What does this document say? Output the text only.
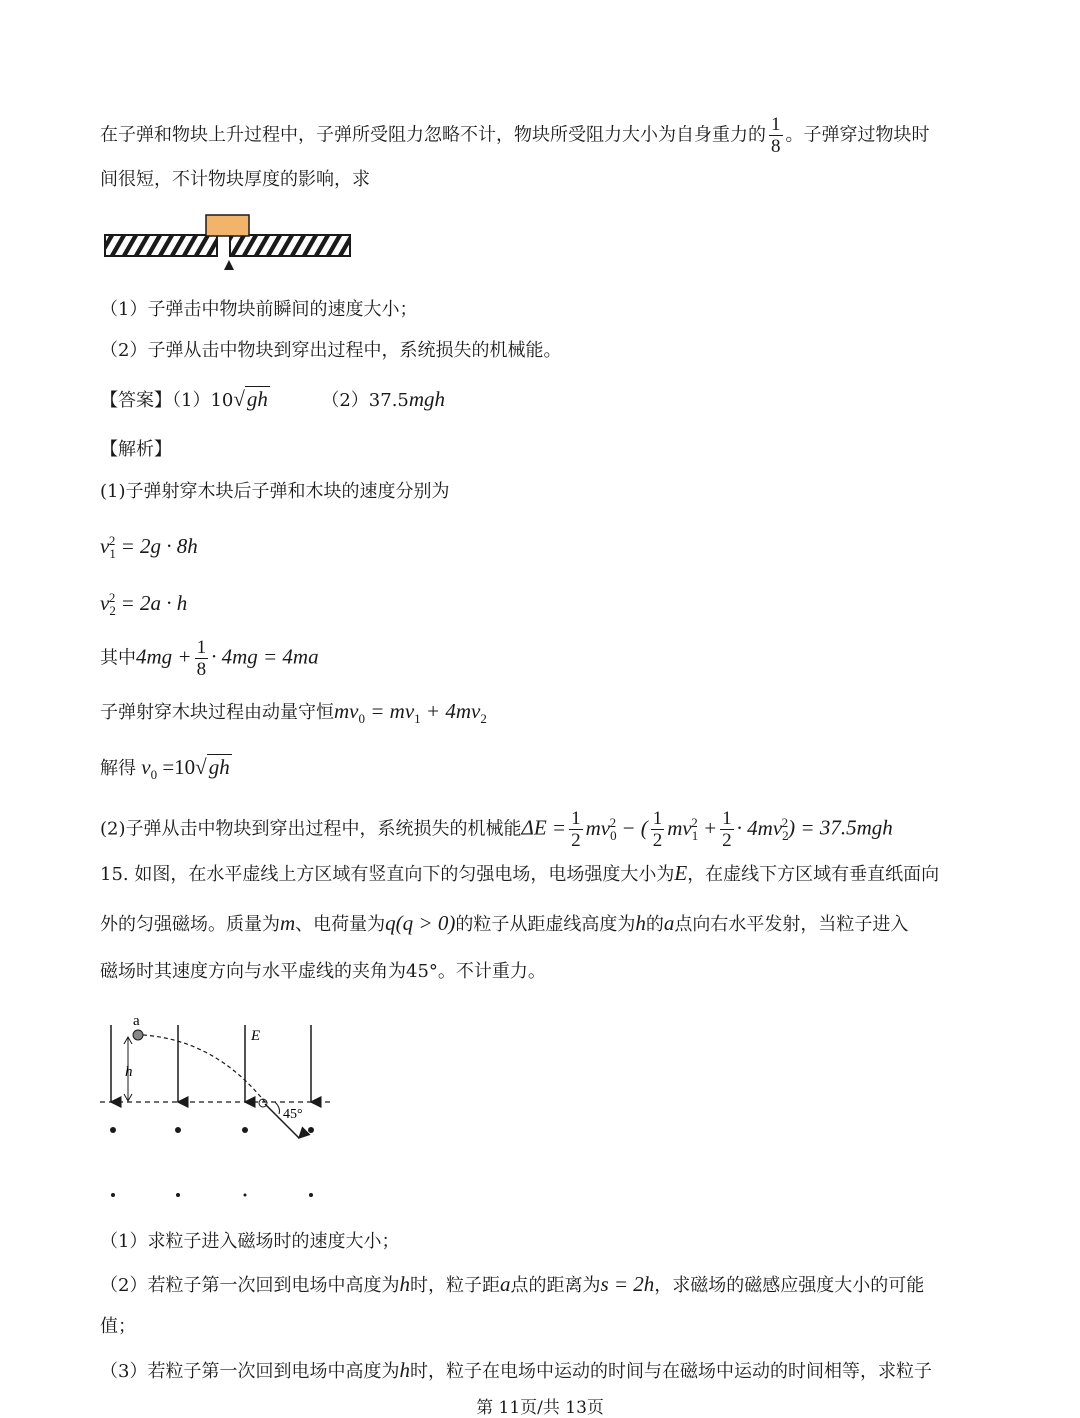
在子弹和物块上升过程中，子弹所受阻力忽略不计，物块所受阻力大小为自身重力的 $\frac{1}{8}$ 。子弹穿过物块时
间很短，不计物块厚度的影响，求
（1）子弹击中物块前瞬间的速度大小；
（2）子弹从击中物块到穿出过程中，系统损失的机械能。
【答案】（1）10√gh	（2）37.5mgh
【解析】
(1)子弹射穿木块后子弹和木块的速度分别为
$v_1^2 = 2g \cdot 8h$
$v_2^2 = 2a \cdot h$
其中$4mg + \frac{1}{8} \cdot 4mg = 4ma$
子弹射穿木块过程由动量守恒$mv_0 = mv_1 + 4mv_2$
解得 $v_0 =10√gh$
(2)子弹从击中物块到穿出过程中，系统损失的机械能$\Delta E = \frac{1}{2} mv_0^2$ − ( $\frac{1}{2} mv_1^2 + \frac{1}{2} \cdot 4mv_2^2) = 37.5mgh$
15. 如图，在水平虚线上方区域有竖直向下的匀强电场，电场强度大小为E，在虚线下方区域有垂直纸面向
外的匀强磁场。质量为m、电荷量为q(q > 0)的粒子从距虚线高度为h的a点向右水平发射，当粒子进入
磁场时其速度方向与水平虚线的夹角为45°。不计重力。
h
a
45°
E
（1）求粒子进入磁场时的速度大小；
（2）若粒子第一次回到电场中高度为h时，粒子距a点的距离为s = 2h，求磁场的磁感应强度大小的可能
值；
（3）若粒子第一次回到电场中高度为h时，粒子在电场中运动的时间与在磁场中运动的时间相等，求粒子
第 11页/共 13页
